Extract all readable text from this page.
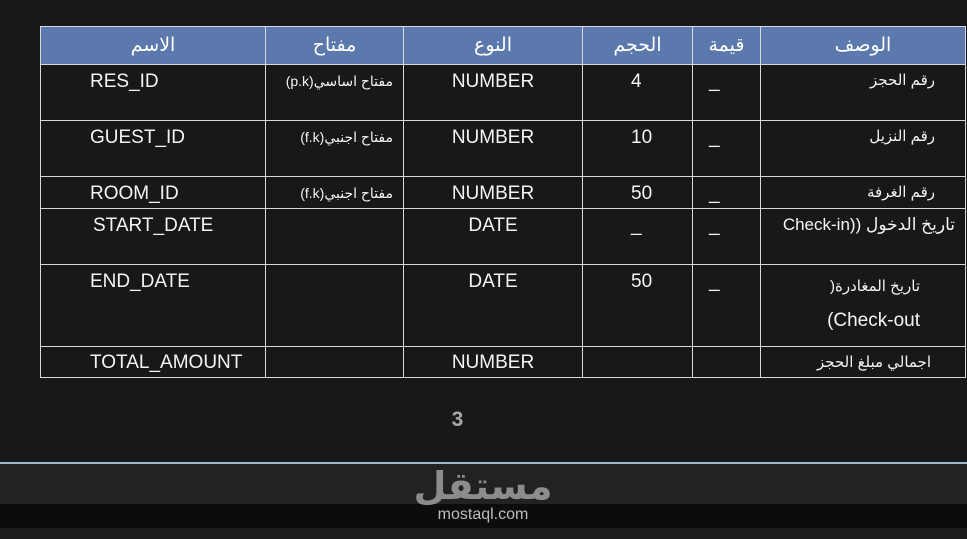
الاسم	مفتاح	النوع	الحجم	قيمة	الوصف

RES_ID	مفتاح اساسي(p.k)	NUMBER	4	_	رقم الحجز

GUEST_ID	مفتاح اجنبي(f.k)	NUMBER	10	_	رقم النزيل

ROOM_ID	مفتاح اجنبي(f.k)	NUMBER	50	_	رقم الغرفة

START_DATE		DATE	_	_	تاريخ الدخول ((Check-in

END_DATE		DATE	50	_	تاريخ المغادرة(
Check-out)

TOTAL_AMOUNT		NUMBER			اجمالي مبلغ الحجز
3
مستقل
mostaql.com
